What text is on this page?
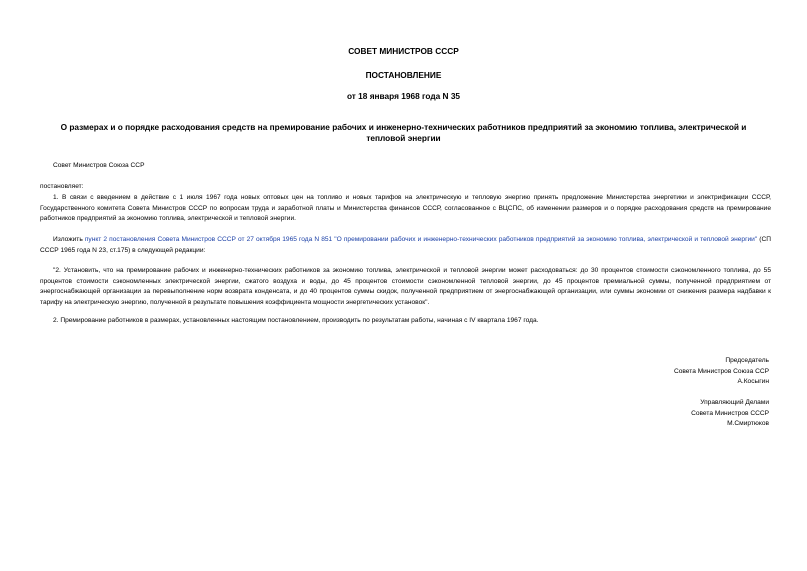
СОВЕТ МИНИСТРОВ СССР
ПОСТАНОВЛЕНИЕ
от 18 января 1968 года N 35
О размерах и о порядке расходования средств на премирование рабочих и инженерно-технических работников предприятий за экономию топлива, электрической и тепловой энергии
Совет Министров Союза ССР
постановляет:
1. В связи с введением в действие с 1 июля 1967 года новых оптовых цен на топливо и новых тарифов на электрическую и тепловую энергию принять предложение Министерства энергетики и электрификации СССР, Государственного комитета Совета Министров СССР по вопросам труда и заработной платы и Министерства финансов СССР, согласованное с ВЦСПС, об изменении размеров и о порядке расходования средств на премирование работников предприятий за экономию топлива, электрической и тепловой энергии.
Изложить пункт 2 постановления Совета Министров СССР от 27 октября 1965 года N 851 "О премировании рабочих и инженерно-технических работников предприятий за экономию топлива, электрической и тепловой энергии" (СП СССР 1965 года N 23, ст.175) в следующей редакции:
"2. Установить, что на премирование рабочих и инженерно-технических работников за экономию топлива, электрической и тепловой энергии может расходоваться: до 30 процентов стоимости сэкономленного топлива, до 55 процентов стоимости сэкономленных электрической энергии, сжатого воздуха и воды, до 45 процентов стоимости сэкономленной тепловой энергии, до 45 процентов премиальной суммы, полученной предприятием от энергоснабжающей организации за перевыполнение норм возврата конденсата, и до 40 процентов суммы скидок, полученной предприятием от энергоснабжающей организации, или суммы экономии от снижения размера надбавки к тарифу на электрическую энергию, полученной в результате повышения коэффициента мощности энергетических установок".
2. Премирование работников в размерах, установленных настоящим постановлением, производить по результатам работы, начиная с IV квартала 1967 года.
Председатель
Совета Министров Союза ССР
А.Косыгин
Управляющий Делами
Совета Министров СССР
М.Смиртюков
